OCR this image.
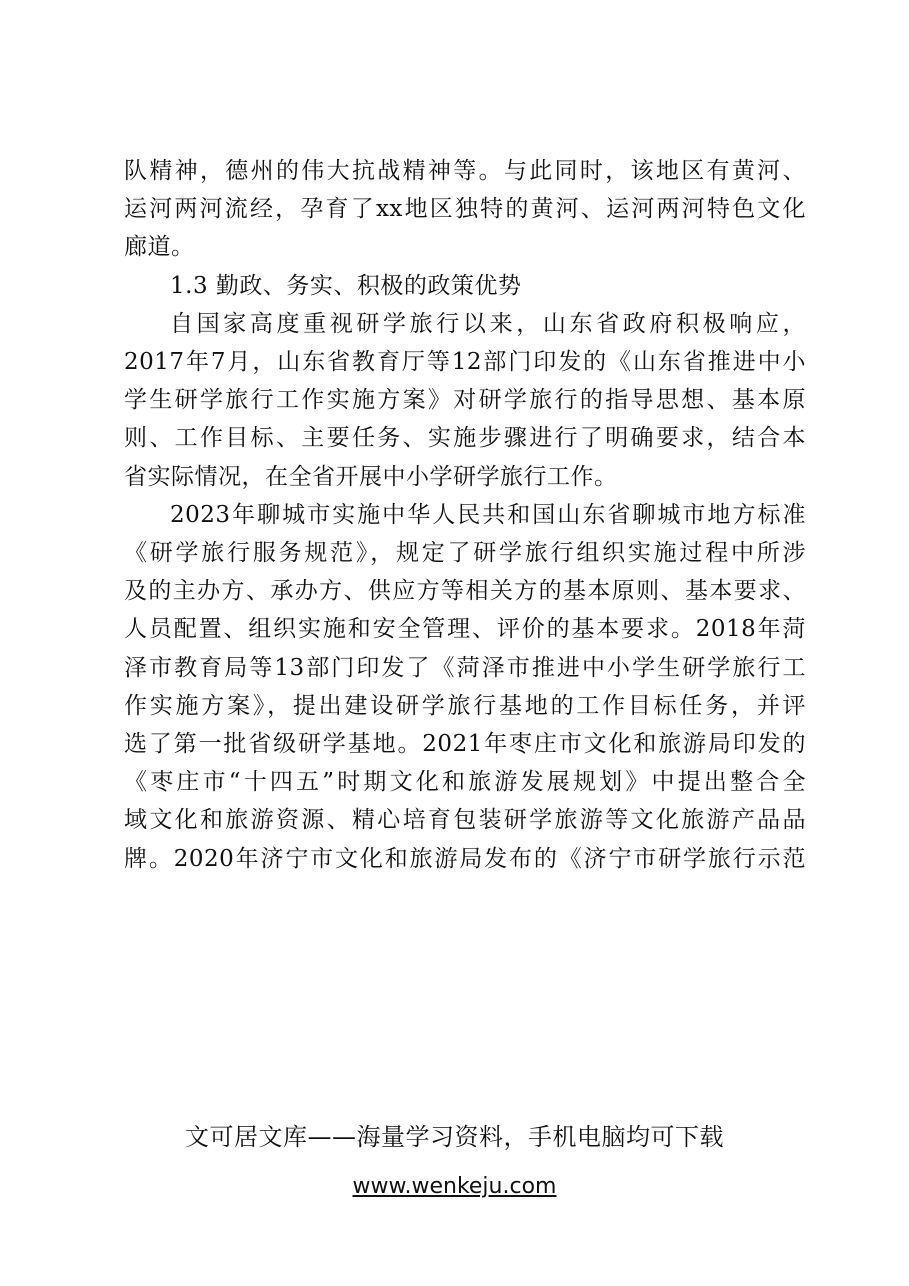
队精神，德州的伟大抗战精神等。与此同时，该地区有黄河、
运河两河流经，孕育了xx地区独特的黄河、运河两河特色文化
廊道。
1.3 勤政、务实、积极的政策优势
自国家高度重视研学旅行以来，山东省政府积极响应，
2017年7月，山东省教育厅等12部门印发的《山东省推进中小
学生研学旅行工作实施方案》对研学旅行的指导思想、基本原
则、工作目标、主要任务、实施步骤进行了明确要求，结合本
省实际情况，在全省开展中小学研学旅行工作。
2023年聊城市实施中华人民共和国山东省聊城市地方标准
《研学旅行服务规范》，规定了研学旅行组织实施过程中所涉
及的主办方、承办方、供应方等相关方的基本原则、基本要求、
人员配置、组织实施和安全管理、评价的基本要求。2018年菏
泽市教育局等13部门印发了《菏泽市推进中小学生研学旅行工
作实施方案》，提出建设研学旅行基地的工作目标任务，并评
选了第一批省级研学基地。2021年枣庄市文化和旅游局印发的
《枣庄市“十四五”时期文化和旅游发展规划》中提出整合全
域文化和旅游资源、精心培育包装研学旅游等文化旅游产品品
牌。2020年济宁市文化和旅游局发布的《济宁市研学旅行示范
文可居文库——海量学习资料，手机电脑均可下载
www.wenkeju.com
